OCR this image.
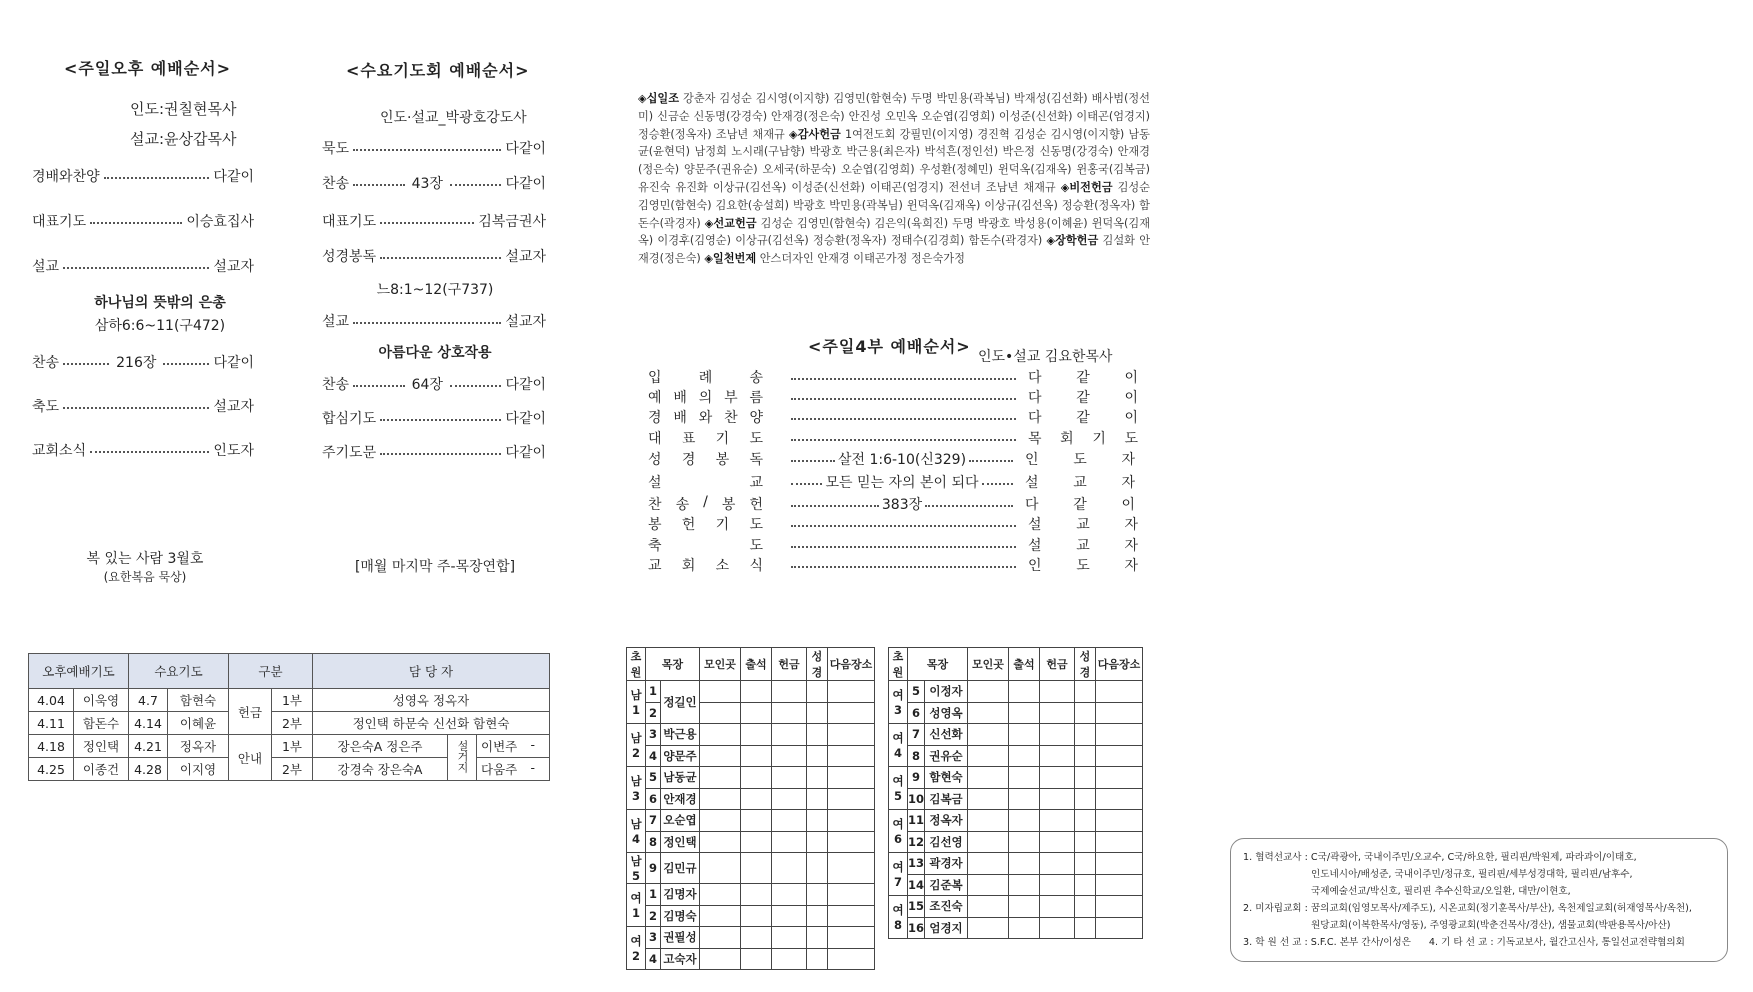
<주일오후 예배순서>
인도:권칠현목사
설교:윤상갑목사
경배와찬양	다같이
대표기도	이승효집사
설교	설교자
하나님의 뜻밖의 은총
삼하6:6~11(구472)
찬송	216장	다같이
축도	설교자
교회소식	인도자
복 있는 사람 3월호
(요한복음 묵상)
<수요기도회 예배순서>
인도·설교_박광호강도사
묵도	다같이
찬송	43장	다같이
대표기도	김복금권사
성경봉독	설교자
느8:1~12(구737)
설교	설교자
아름다운 상호작용
찬송	64장	다같이
합심기도	다같이
주기도문	다같이
[매월 마지막 주-목장연합]
◈십일조 강춘자 김성순 김시영(이지향) 김영민(함현숙) 두명 박민용(곽복님) 박재성(김선화) 배사범(정선미) 신금순 신동명(강경숙) 안재경(정은숙) 안진성 오민옥 오순엽(김영희) 이성준(신선화) 이태곤(엄경지) 정승환(정옥자) 조남년 채재규 ◈감사헌금 1여전도회 강필민(이지영) 경진혁 김성순 김시영(이지향) 남동균(윤현덕) 남정희 노시래(구남향) 박광호 박근용(최은자) 박석흔(정인선) 박은정 신동명(강경숙) 안재경(정은숙) 양문주(권유순) 오세국(하문숙) 오순엽(김영희) 우성환(정혜민) 윈덕옥(김재옥) 윈홍국(김복금) 유진숙 유진화 이상규(김선옥) 이성준(신선화) 이태곤(엄경지) 전선녀 조남년 채재규 ◈비전헌금 김성순 김영민(함현숙) 김요한(송설희) 박광호 박민용(곽복님) 윈덕옥(김재옥) 이상규(김선옥) 정승환(정옥자) 함돈수(곽경자) ◈선교헌금 김성순 김영민(함현숙) 김은익(육희진) 두명 박광호 박성용(이혜윤) 윈덕옥(김재옥) 이경후(김영순) 이상규(김선옥) 정승환(정옥자) 정태수(김경희) 함돈수(곽경자) ◈장학헌금 김설화 안재경(정은숙) ◈일천번제 안스더자인 안재경 이태곤가정 정은숙가정
<주일4부 예배순서>
인도•설교 김요한목사
입	례	송	다 같 이
예 배 의 부 름	다 같 이
경 배 와 찬 양	다 같 이
대 표 기 도	목 회 기 도
성 경 봉 독	살전 1:6-10(신329)	인 도 자
설	교	모든 믿는 자의 본이 되다	설 교 자
찬 송 / 봉 헌	383장	다 같 이
봉 헌 기 도	설 교 자
축	도	설 교 자
교 회 소 식	인 도 자
오후예배기도		수요기도		구분		담 당 자		
4.04	이욱영	4.7	함현숙	헌금	1부	성영옥 정옥자		
4.11	함돈수	4.14	이혜윤		2부	정인택 하문숙 신선화 함현숙		
4.18	정인택	4.21	정옥자	안내	1부	장은숙A 정은주	설거지	이변주 -

4.25	이종건	4.28	이지영		2부	강경숙 장은숙A		다움주 -
초원	목장		모인곳	출석	헌금	성경	다음장소
남1	1	정길인					
	2						
남2	3	박근용					
	4	양문주					
남3	5	남동균					
	6	안재경					
남4	7	오순엽					
	8	정인택					
남5	9	김민규					
여1	1	김명자					
	2	김명숙					
여2	3	권필성					
	4	고숙자					
초원	목장		모인곳	출석	헌금	성경	다음장소
여3	5	이정자					
	6	성영옥					
여4	7	신선화					
	8	권유순					
여5	9	함현숙					
	10	김복금					
여6	11	정옥자					
	12	김선영					
여7	13	곽경자					
	14	김준복					
여8	15	조진숙					
	16	엄경지					
1. 협력선교사 : C국/곽광아, 국내이주민/오교수, C국/하요한, 필리핀/박원제, 파라과이/이태호,
인도네시아/배성준, 국내이주민/정규호, 필리핀/세부성경대학, 필리핀/남후수,
국제예술선교/박신호, 필리핀 추수신학교/오일환, 대만/이현호,
2. 미자립교회 : 꿈의교회(임영모목사/제주도), 시온교회(정기훈목사/부산), 옥천제일교회(허재영목사/옥천),
원당교회(이복한목사/영동), 주영광교회(박춘건목사/경산), 샘물교회(박판용목사/아산)
3. 학 원 선 교 : S.F.C. 본부 간사/이성은 4. 기 타 선 교 : 기독교보사, 월간고신사, 통일선교전략협의회
